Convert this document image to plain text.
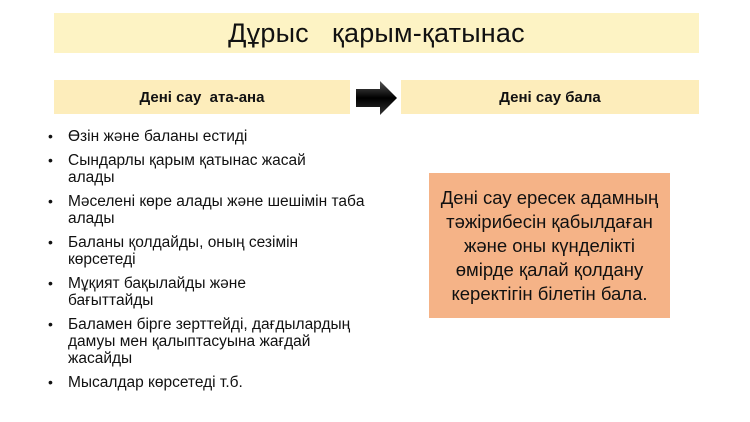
Дұрыс   қарым-қатынас
Дені сау  ата-ана	Дені сау бала
• Өзін және баланы естиді
• Сындарлы қарым қатынас жасай алады
• Мәселені көре алады және шешімін табa алады
• Баланы қолдайды, оның сезімін көрсетеді
• Мұқият бақылайды және бағыттайды
• Баламен бірге зерттейді, дағдылардың дамуы мен қалыптасуына жағдай жасайды
• Мысалдар көрсетеді т.б.
Дені сау ересек адамның тәжірибесін қабылдаған және оны күнделікті өмірде қалай қолдану керектігін білетін бала.
